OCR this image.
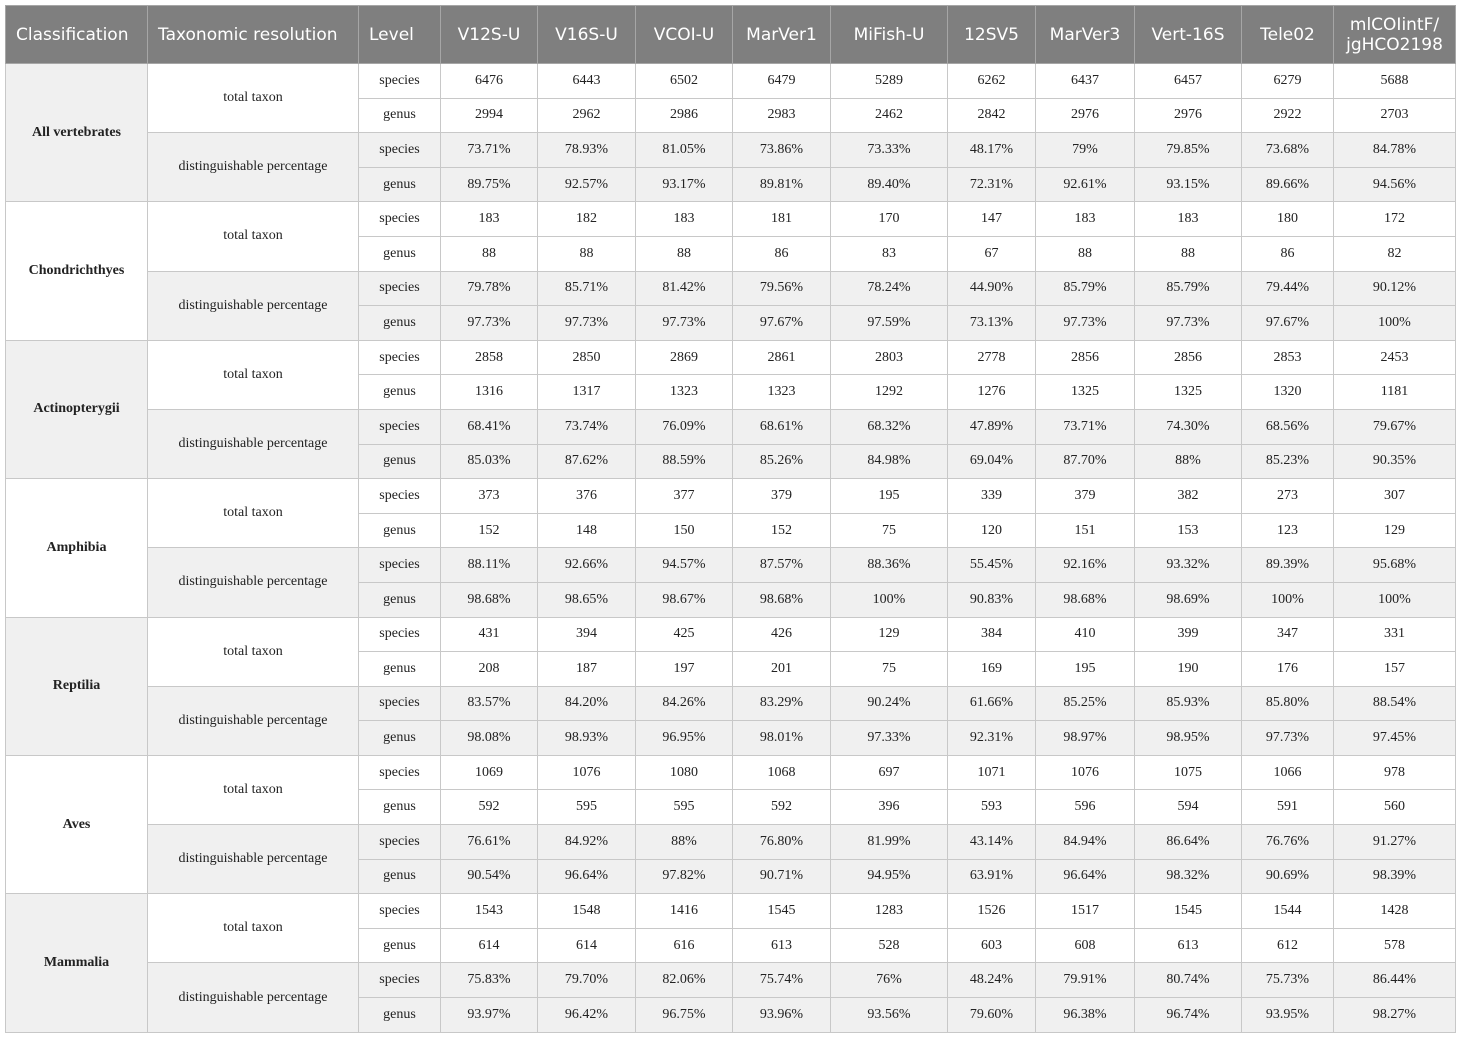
Classification	Taxonomic resolution	Level	V12S-U	V16S-U	VCOI-U	MarVer1	MiFish-U	12SV5	MarVer3	Vert-16S	Tele02	mlCOIintF/
jgHCO2198
All vertebrates	total taxon	species	6476	6443	6502	6479	5289	6262	6437	6457	6279	5688
		genus	2994	2962	2986	2983	2462	2842	2976	2976	2922	2703
	distinguishable percentage	species	73.71%	78.93%	81.05%	73.86%	73.33%	48.17%	79%	79.85%	73.68%	84.78%
		genus	89.75%	92.57%	93.17%	89.81%	89.40%	72.31%	92.61%	93.15%	89.66%	94.56%
Chondrichthyes	total taxon	species	183	182	183	181	170	147	183	183	180	172
		genus	88	88	88	86	83	67	88	88	86	82
	distinguishable percentage	species	79.78%	85.71%	81.42%	79.56%	78.24%	44.90%	85.79%	85.79%	79.44%	90.12%
		genus	97.73%	97.73%	97.73%	97.67%	97.59%	73.13%	97.73%	97.73%	97.67%	100%
Actinopterygii	total taxon	species	2858	2850	2869	2861	2803	2778	2856	2856	2853	2453
		genus	1316	1317	1323	1323	1292	1276	1325	1325	1320	1181
	distinguishable percentage	species	68.41%	73.74%	76.09%	68.61%	68.32%	47.89%	73.71%	74.30%	68.56%	79.67%
		genus	85.03%	87.62%	88.59%	85.26%	84.98%	69.04%	87.70%	88%	85.23%	90.35%
Amphibia	total taxon	species	373	376	377	379	195	339	379	382	273	307
		genus	152	148	150	152	75	120	151	153	123	129
	distinguishable percentage	species	88.11%	92.66%	94.57%	87.57%	88.36%	55.45%	92.16%	93.32%	89.39%	95.68%
		genus	98.68%	98.65%	98.67%	98.68%	100%	90.83%	98.68%	98.69%	100%	100%
Reptilia	total taxon	species	431	394	425	426	129	384	410	399	347	331
		genus	208	187	197	201	75	169	195	190	176	157
	distinguishable percentage	species	83.57%	84.20%	84.26%	83.29%	90.24%	61.66%	85.25%	85.93%	85.80%	88.54%
		genus	98.08%	98.93%	96.95%	98.01%	97.33%	92.31%	98.97%	98.95%	97.73%	97.45%
Aves	total taxon	species	1069	1076	1080	1068	697	1071	1076	1075	1066	978
		genus	592	595	595	592	396	593	596	594	591	560
	distinguishable percentage	species	76.61%	84.92%	88%	76.80%	81.99%	43.14%	84.94%	86.64%	76.76%	91.27%
		genus	90.54%	96.64%	97.82%	90.71%	94.95%	63.91%	96.64%	98.32%	90.69%	98.39%
Mammalia	total taxon	species	1543	1548	1416	1545	1283	1526	1517	1545	1544	1428
		genus	614	614	616	613	528	603	608	613	612	578
	distinguishable percentage	species	75.83%	79.70%	82.06%	75.74%	76%	48.24%	79.91%	80.74%	75.73%	86.44%
		genus	93.97%	96.42%	96.75%	93.96%	93.56%	79.60%	96.38%	96.74%	93.95%	98.27%
